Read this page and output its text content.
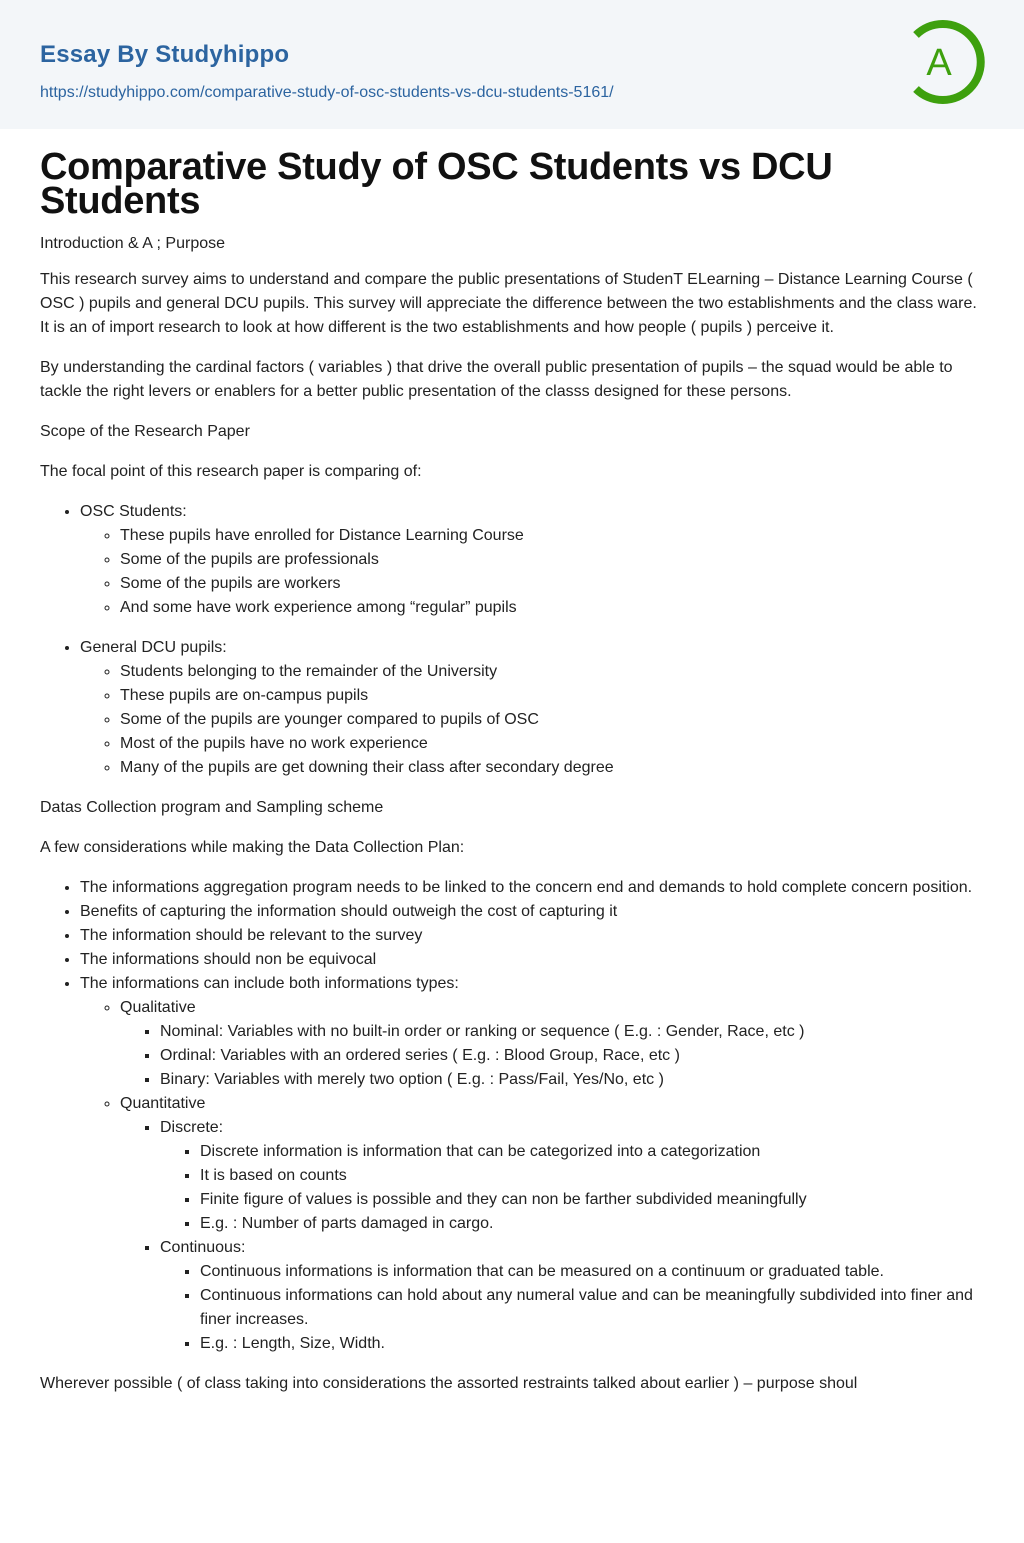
Essay By Studyhippo
https://studyhippo.com/comparative-study-of-osc-students-vs-dcu-students-5161/
A
Comparative Study of OSC Students vs DCU Students

Introduction & A ; Purpose

This research survey aims to understand and compare the public presentations of StudenT ELearning – Distance Learning Course ( OSC ) pupils and general DCU pupils. This survey will appreciate the difference between the two establishments and the class ware. It is an of import research to look at how different is the two establishments and how people ( pupils ) perceive it.

By understanding the cardinal factors ( variables ) that drive the overall public presentation of pupils – the squad would be able to tackle the right levers or enablers for a better public presentation of the classs designed for these persons.

Scope of the Research Paper

The focal point of this research paper is comparing of:

• OSC Students:
◦ These pupils have enrolled for Distance Learning Course
◦ Some of the pupils are professionals
◦ Some of the pupils are workers
◦ And some have work experience among “regular” pupils
• General DCU pupils:
◦ Students belonging to the remainder of the University
◦ These pupils are on-campus pupils
◦ Some of the pupils are younger compared to pupils of OSC
◦ Most of the pupils have no work experience
◦ Many of the pupils are get downing their class after secondary degree

Datas Collection program and Sampling scheme

A few considerations while making the Data Collection Plan:

• The informations aggregation program needs to be linked to the concern end and demands to hold complete concern position.
• Benefits of capturing the information should outweigh the cost of capturing it
• The information should be relevant to the survey
• The informations should non be equivocal
• The informations can include both informations types:
◦ Qualitative
▪ Nominal: Variables with no built-in order or ranking or sequence ( E.g. : Gender, Race, etc )
▪ Ordinal: Variables with an ordered series ( E.g. : Blood Group, Race, etc )
▪ Binary: Variables with merely two option ( E.g. : Pass/Fail, Yes/No, etc )
◦ Quantitative
▪ Discrete:
▪ Discrete information is information that can be categorized into a categorization
▪ It is based on counts
▪ Finite figure of values is possible and they can non be farther subdivided meaningfully
▪ E.g. : Number of parts damaged in cargo.
▪ Continuous:
▪ Continuous informations is information that can be measured on a continuum or graduated table.
▪ Continuous informations can hold about any numeral value and can be meaningfully subdivided into finer and finer increases.
▪ E.g. : Length, Size, Width.

Wherever possible ( of class taking into considerations the assorted restraints talked about earlier ) – purpose shoul
